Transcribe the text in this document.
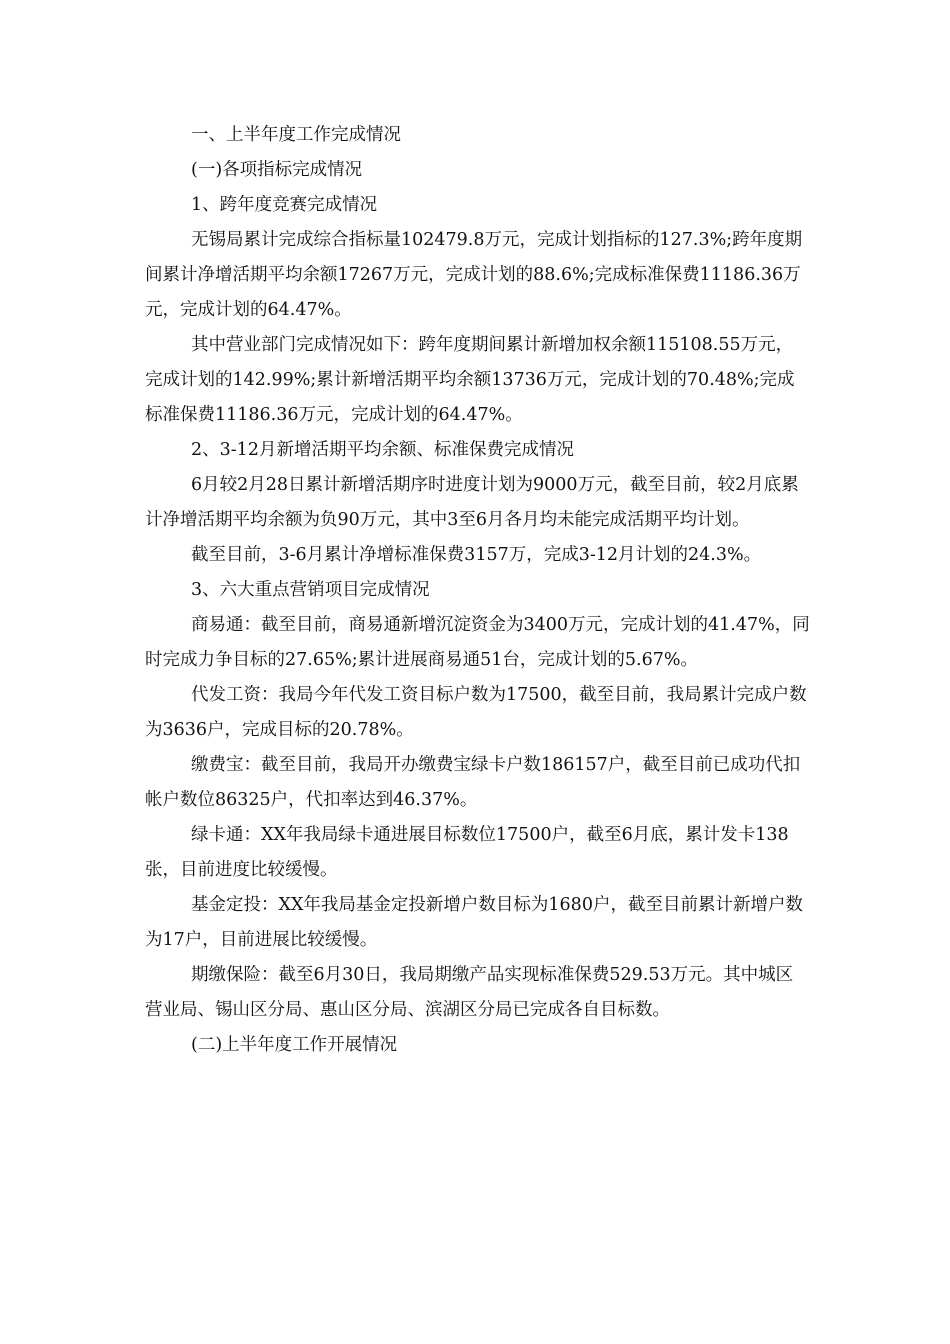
一、上半年度工作完成情况

(一)各项指标完成情况

1、跨年度竞赛完成情况

无锡局累计完成综合指标量102479.8万元，完成计划指标的127.3%;跨年度期间累计净增活期平均余额17267万元，完成计划的88.6%;完成标准保费11186.36万元，完成计划的64.47%。

其中营业部门完成情况如下：跨年度期间累计新增加权余额115108.55万元，完成计划的142.99%;累计新增活期平均余额13736万元，完成计划的70.48%;完成标准保费11186.36万元，完成计划的64.47%。

2、3-12月新增活期平均余额、标准保费完成情况

6月较2月28日累计新增活期序时进度计划为9000万元，截至目前，较2月底累计净增活期平均余额为负90万元，其中3至6月各月均未能完成活期平均计划。

截至目前，3-6月累计净增标准保费3157万，完成3-12月计划的24.3%。

3、六大重点营销项目完成情况

商易通：截至目前，商易通新增沉淀资金为3400万元，完成计划的41.47%，同时完成力争目标的27.65%;累计进展商易通51台，完成计划的5.67%。

代发工资：我局今年代发工资目标户数为17500，截至目前，我局累计完成户数为3636户，完成目标的20.78%。

缴费宝：截至目前，我局开办缴费宝绿卡户数186157户，截至目前已成功代扣帐户数位86325户，代扣率达到46.37%。

绿卡通：XX年我局绿卡通进展目标数位17500户，截至6月底，累计发卡138张，目前进度比较缓慢。

基金定投：XX年我局基金定投新增户数目标为1680户，截至目前累计新增户数为17户，目前进展比较缓慢。

期缴保险：截至6月30日，我局期缴产品实现标准保费529.53万元。其中城区营业局、锡山区分局、惠山区分局、滨湖区分局已完成各自目标数。

(二)上半年度工作开展情况
